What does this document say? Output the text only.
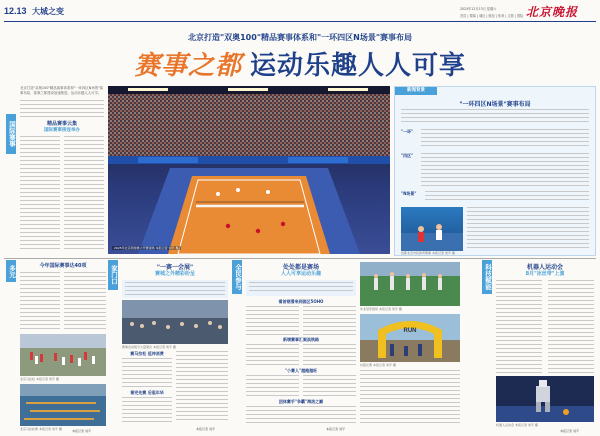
12.13 大城之变	2025年12月13日 星期六
首页 | 要闻 | 城区 | 财经 | 体育 | 文娱 | 国际 北京晚报
北京打造"双奥100"精品赛事体系和"一环四区N场景"赛事布局
赛事之都 运动乐趣人人可享
北京打造"双奥100"精品赛事体系和"一环四区N场景"赛事布局，赛事之都建设加速推进，运动乐趣人人可享。
国际赛事	精品赛事云集
国际赛事接连举办
2025年北京网球赛公开赛现场 本报记者 刘平 摄
新闻背景
"一环四区N场景"赛事布局
"一环"
"四区"
"N场景"
首都北京市民体育赛事 本报记者 刘平 摄
多元	今年国际赛事达40项
北京马拉松 本报记者 刘平 摄
北京马拉松赛 本报记者 刘平 摄
家门口	"一赛一会展"
赛城之外精彩纷呈
赛事活动吸引大量观众 本报记者 刘平 摄
赛马拉松 延伸消费
看完先赛 后逛年华
本报记者 刘平
全民参与	处处都是赛场
人人可享运动乐趣
看首钢滑来到园区5OHO
新增赛事汇聚滨铁路
"小赛人"越跑越旺
团体赛手"争霸"海洛之巅
本报记者 刘平
华北冠军现场 本报记者 刘平 摄
RUN
村超比赛 本报记者 刘平 摄
科技赋能	机器人运动会
8月"冰丝带"上演
机器人运动会 本报记者 刘平 摄
本报记者 刘平
本报记者 刘平
